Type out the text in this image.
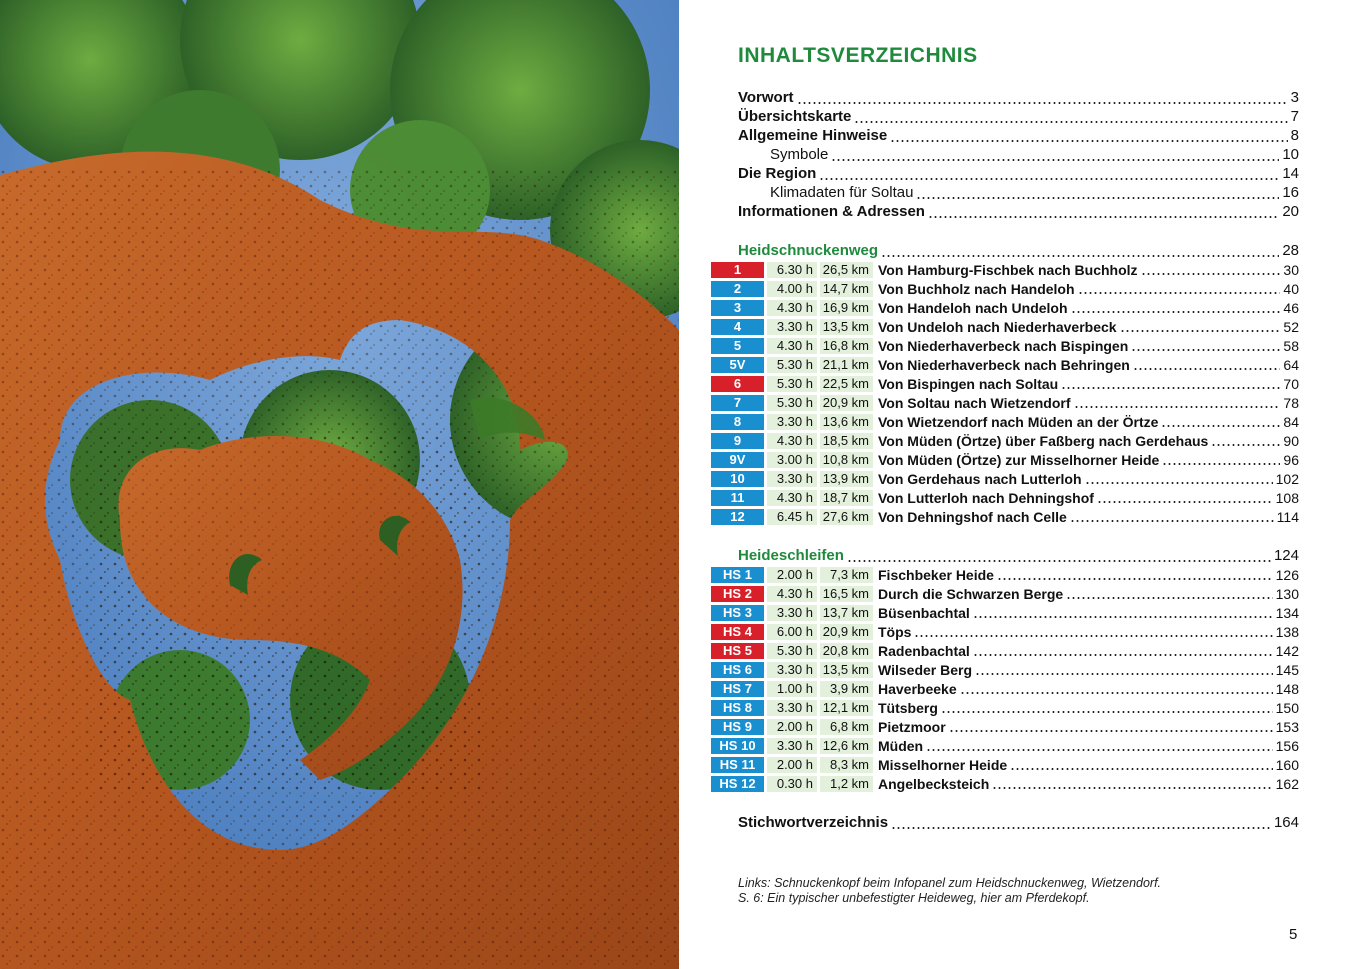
INHALTSVERZEICHNIS
Vorwort	3
Übersichtskarte	7
Allgemeine Hinweise	8
Symbole	10
Die Region	14
Klimadaten für Soltau	16
Informationen & Adressen	20
Heidschnuckenweg	28
1	6.30 h 26,5 km Von Hamburg-Fischbek nach Buchholz	30
2	4.00 h 14,7 km Von Buchholz nach Handeloh	40
3	4.30 h 16,9 km Von Handeloh nach Undeloh	46
4	3.30 h 13,5 km Von Undeloh nach Niederhaverbeck	52
5	4.30 h 16,8 km Von Niederhaverbeck nach Bispingen	58
5V	5.30 h 21,1 km Von Niederhaverbeck nach Behringen	64
6	5.30 h 22,5 km Von Bispingen nach Soltau	70
7	5.30 h 20,9 km Von Soltau nach Wietzendorf	78
8	3.30 h 13,6 km Von Wietzendorf nach Müden an der Örtze	84
9	4.30 h 18,5 km Von Müden (Örtze) über Faßberg nach Gerdehaus	90
9V	3.00 h 10,8 km Von Müden (Örtze) zur Misselhorner Heide	96
10	3.30 h 13,9 km Von Gerdehaus nach Lutterloh	102
11	4.30 h 18,7 km Von Lutterloh nach Dehningshof	108
12	6.45 h 27,6 km Von Dehningshof nach Celle	114
Heideschleifen	124
HS 1	2.00 h	7,3 km Fischbeker Heide	126
HS 2	4.30 h 16,5 km Durch die Schwarzen Berge	130
HS 3	3.30 h 13,7 km Büsenbachtal	134
HS 4	6.00 h 20,9 km Töps	138
HS 5	5.30 h 20,8 km Radenbachtal	142
HS 6	3.30 h 13,5 km Wilseder Berg	145
HS 7	1.00 h	3,9 km Haverbeeke	148
HS 8	3.30 h 12,1 km Tütsberg	150
HS 9	2.00 h	6,8 km Pietzmoor	153
HS 10	3.30 h 12,6 km Müden	156
HS 11	2.00 h	8,3 km Misselhorner Heide	160
HS 12	0.30 h	1,2 km Angelbecksteich	162
Stichwortverzeichnis	164

Links: Schnuckenkopf beim Infopanel zum Heidschnuckenweg, Wietzendorf.

S. 6: Ein typischer unbefestigter Heideweg, hier am Pferdekopf.

5
